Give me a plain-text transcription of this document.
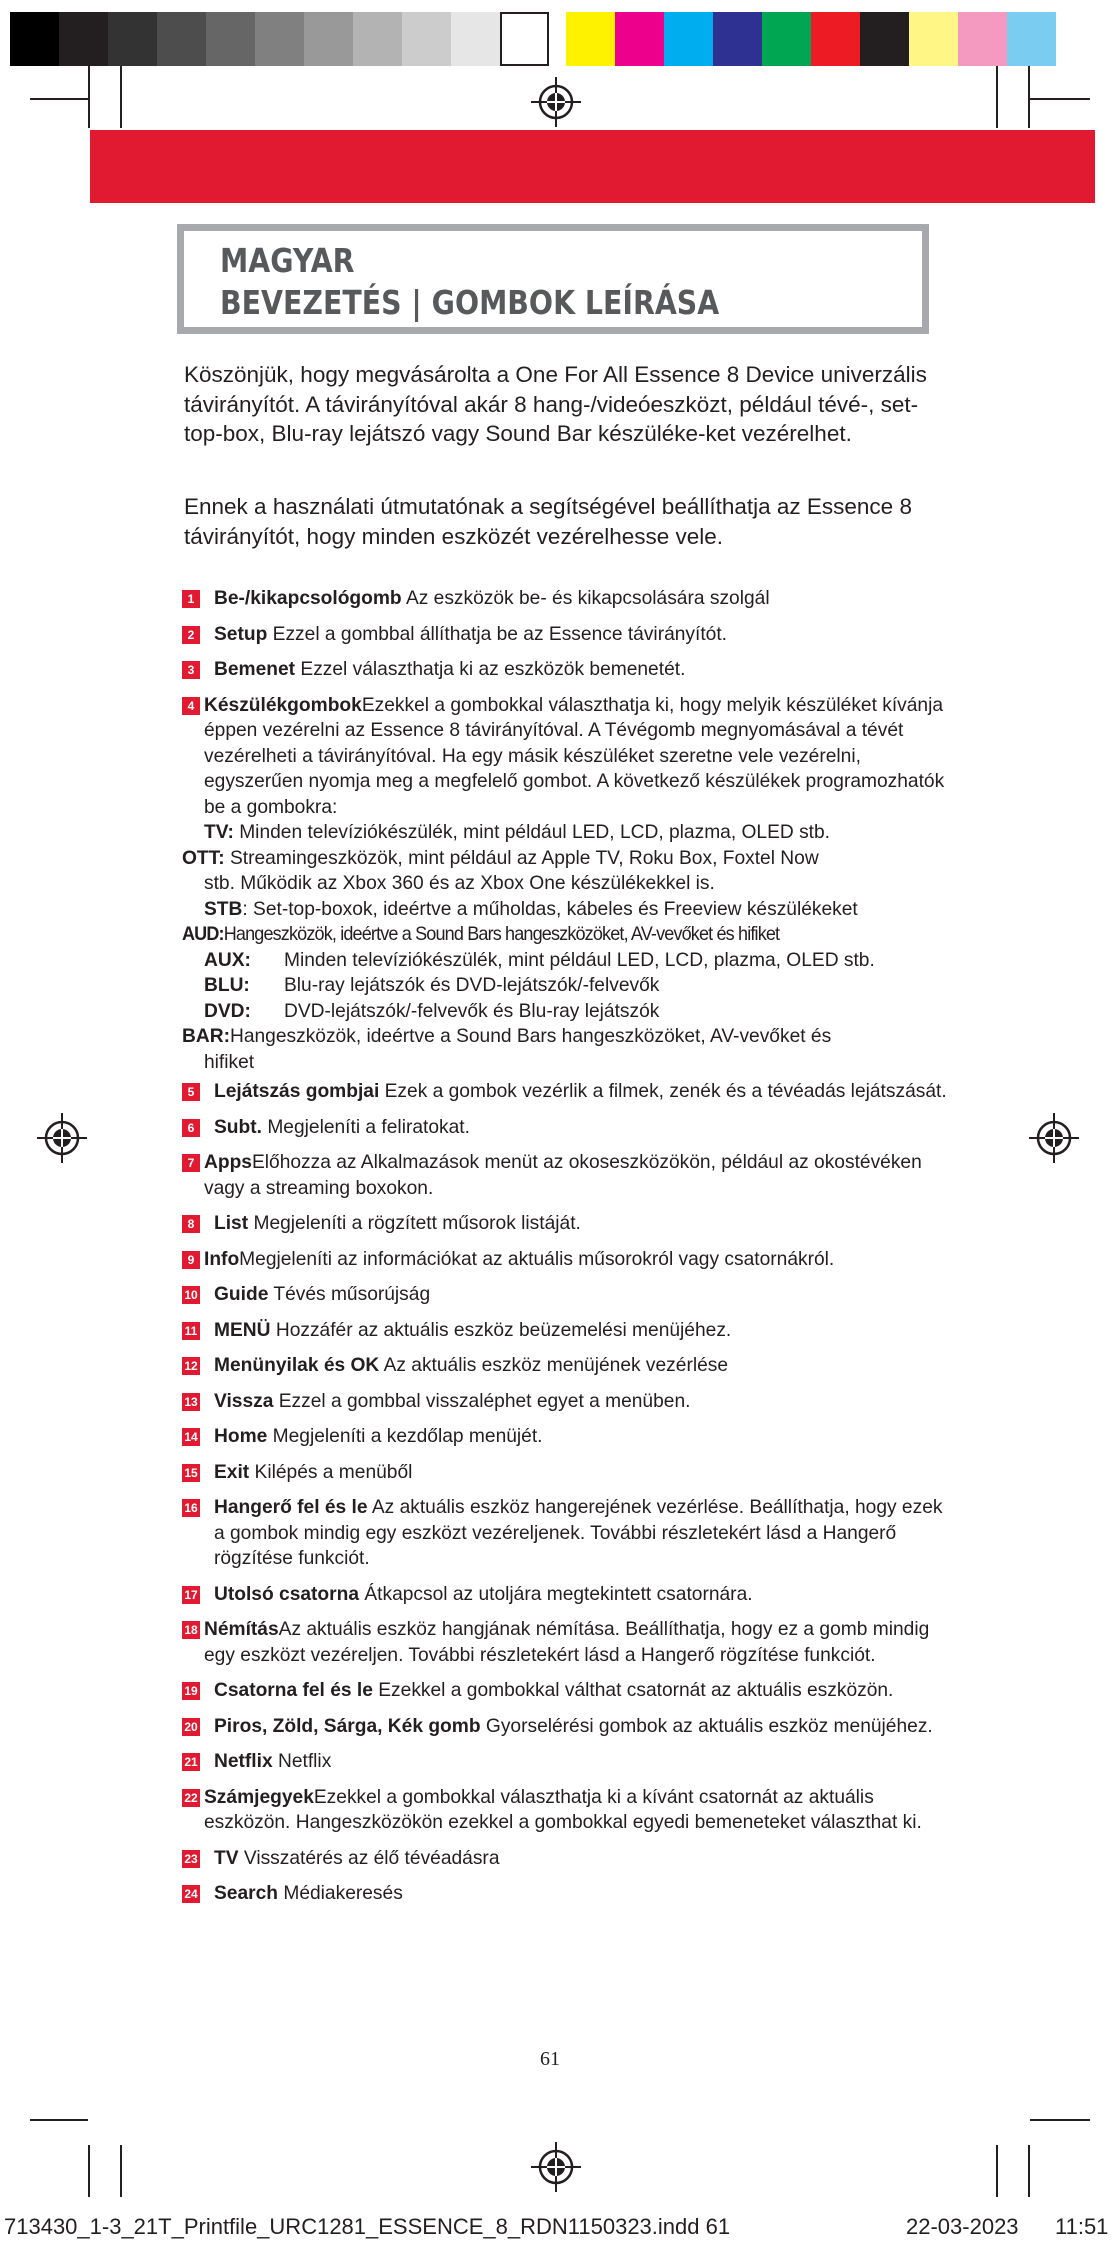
MAGYAR
BEVEZETÉS | GOMBOK LEÍRÁSA

Köszönjük, hogy megvásárolta a One For All Essence 8 Device univerzális távirányítót. A távirányítóval akár 8 hang-/videóeszközt, például tévé-, set-top-box, Blu-ray lejátszó vagy Sound Bar készüléke-ket vezérelhet.

Ennek a használati útmutatónak a segítségével beállíthatja az Essence 8 távirányítót, hogy minden eszközét vezérelhesse vele.

1 Be-/kikapcsológomb Az eszközök be- és kikapcsolására szolgál
2 Setup Ezzel a gombbal állíthatja be az Essence távirányítót.
3 Bemenet Ezzel választhatja ki az eszközök bemenetét.
4 KészülékgombokEzekkel a gombokkal választhatja ki, hogy melyik készüléket kívánja éppen vezérelni az Essence 8 távirányítóval. A Tévégomb megnyomásával a tévét vezérelheti a távirányítóval. Ha egy másik készüléket szeretne vele vezérelni, egyszerűen nyomja meg a megfelelő gombot. A következő készülékek programozhatók be a gombokra:
TV: Minden televíziókészülék, mint például LED, LCD, plazma, OLED stb.
OTT: Streamingeszközök, mint például az Apple TV, Roku Box, Foxtel Now
stb. Működik az Xbox 360 és az Xbox One készülékekkel is.
STB: Set-top-boxok, ideértve a műholdas, kábeles és Freeview készülékeket
AUD:Hangeszközök, ideértve a Sound Bars hangeszközöket, AV-vevőket és hifiket
AUX: Minden televíziókészülék, mint például LED, LCD, plazma, OLED stb.
BLU: Blu-ray lejátszók és DVD-lejátszók/-felvevők
DVD: DVD-lejátszók/-felvevők és Blu-ray lejátszók
BAR:Hangeszközök, ideértve a Sound Bars hangeszközöket, AV-vevőket és
hifiket
5 Lejátszás gombjai Ezek a gombok vezérlik a filmek, zenék és a tévéadás lejátszását.
6 Subt. Megjeleníti a feliratokat.
7 AppsElőhozza az Alkalmazások menüt az okoseszközökön, például az okostévéken vagy a streaming boxokon.
8 List Megjeleníti a rögzített műsorok listáját.
9 InfoMegjeleníti az információkat az aktuális műsorokról vagy csatornákról.
10 Guide Tévés műsorújság
11 MENÜ Hozzáfér az aktuális eszköz beüzemelési menüjéhez.
12 Menünyilak és OK Az aktuális eszköz menüjének vezérlése
13 Vissza Ezzel a gombbal visszaléphet egyet a menüben.
14 Home Megjeleníti a kezdőlap menüjét.
15 Exit Kilépés a menüből
16 Hangerő fel és le Az aktuális eszköz hangerejének vezérlése. Beállíthatja, hogy ezek a gombok mindig egy eszközt vezéreljenek. További részletekért lásd a Hangerő rögzítése funkciót.
17 Utolsó csatorna Átkapcsol az utoljára megtekintett csatornára.
18 NémításAz aktuális eszköz hangjának némítása. Beállíthatja, hogy ez a gomb mindig egy eszközt vezéreljen. További részletekért lásd a Hangerő rögzítése funkciót.
19 Csatorna fel és le Ezekkel a gombokkal válthat csatornát az aktuális eszközön.
20 Piros, Zöld, Sárga, Kék gomb Gyorselérési gombok az aktuális eszköz menüjéhez.
21 Netflix Netflix
22 SzámjegyekEzekkel a gombokkal választhatja ki a kívánt csatornát az aktuális eszközön. Hangeszközökön ezekkel a gombokkal egyedi bemeneteket választhat ki.
23 TV Visszatérés az élő tévéadásra
24 Search Médiakeresés
61
713430_1-3_21T_Printfile_URC1281_ESSENCE_8_RDN1150323.indd 61	22-03-2023 11:51
